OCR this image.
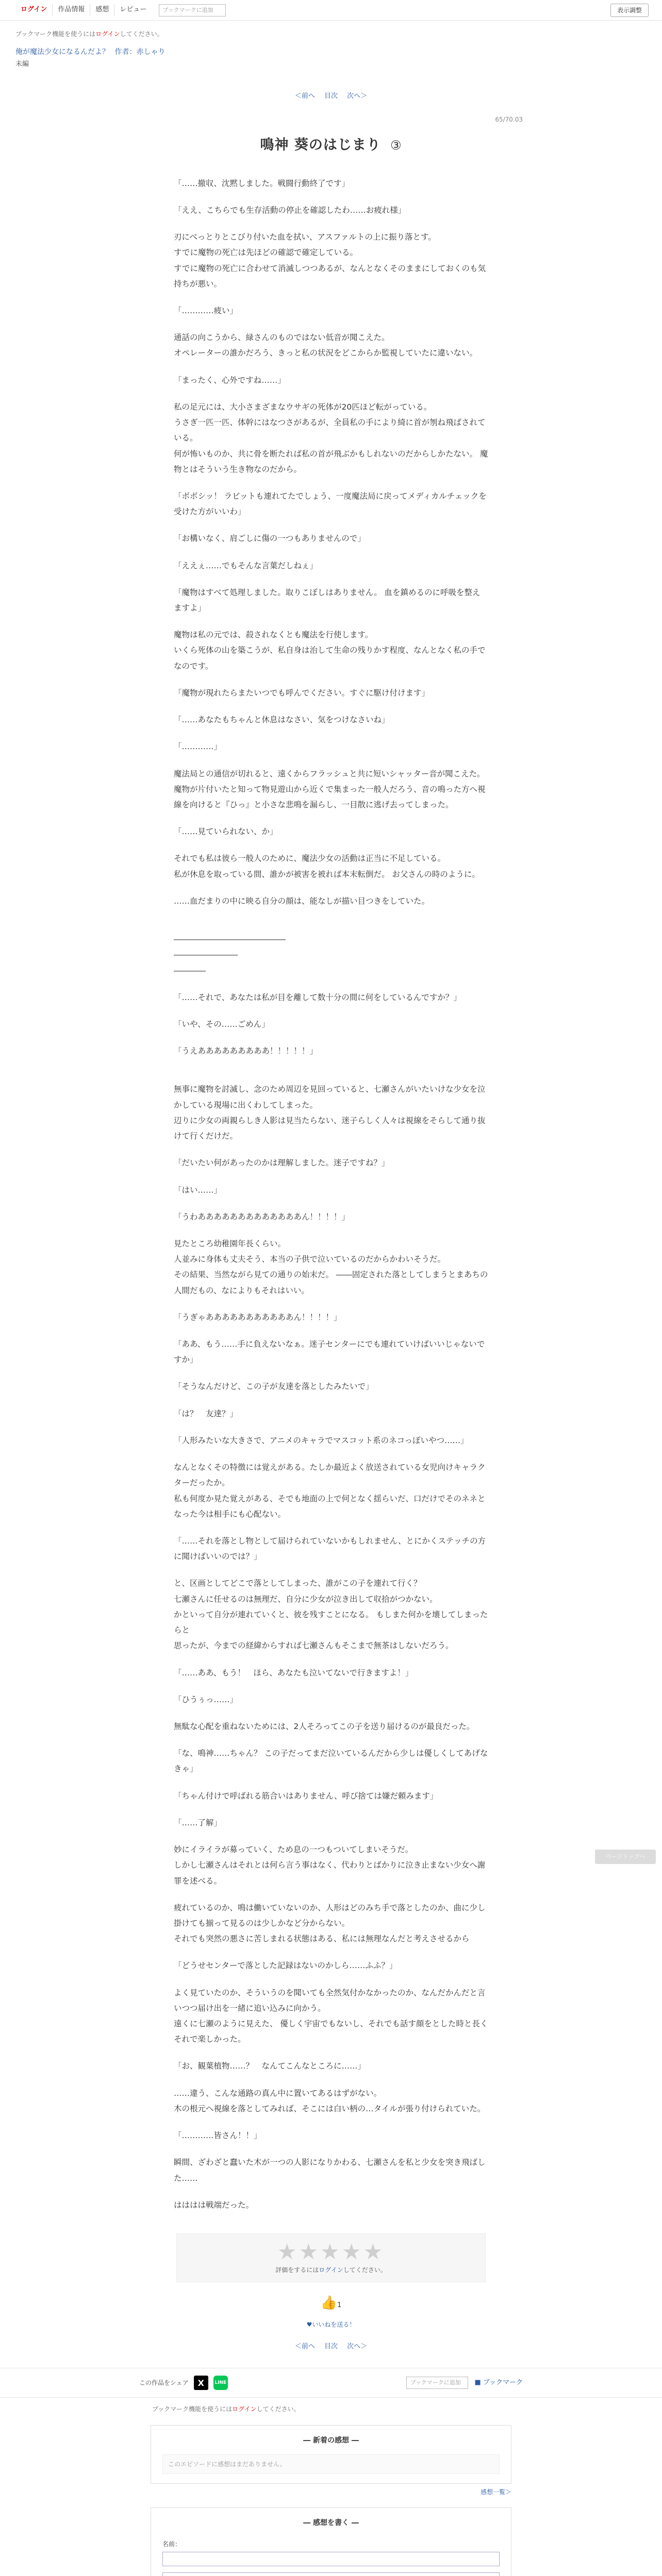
ログイン	作品情報	感想	レビュー	ブックマークに追加	表示調整
ブックマーク機能を使うにはログインしてください。
俺が魔法少女になるんだよ？ 作者：赤しゃり
未編
＜前へ 目次 次へ＞
65/70.03
鳴神 葵のはじまり ③

「……撤収、沈黙しました。戦闘行動終了です」

「ええ、こちらでも生存活動の停止を確認したわ……お疲れ様」

刃にべっとりとこびり付いた血を拭い、アスファルトの上に振り落とす。

すでに魔物の死亡は先ほどの確認で確定している。

すでに魔物の死亡に合わせて消滅しつつあるが、なんとなくそのままにしておくのも気持ちが悪い。

「…………疲い」

通話の向こうから、緑さんのものではない低音が聞こえた。

オペレーターの誰かだろう、きっと私の状況をどこからか監視していたに違いない。

「まったく、心外ですね……」

私の足元には、大小さまざまなウサギの死体が20匹ほど転がっている。

うさぎ一匹一匹、体幹にはなつさがあるが、全員私の手により綺に首が刎ね飛ばされている。

何が怖いものか、共に骨を断たれば私の首が飛ぶかもしれないのだからしかたない。 魔物とはそういう生き物なのだから。

「ボボシッ！ ラビットも連れてたでしょう、一度魔法局に戻ってメディカルチェックを受けた方がいいわ」

「お構いなく、肩ごしに傷の一つもありませんので」

「ええぇ……でもそんな言葉だしねぇ」

「魔物はすべて処理しました。取りこぼしはありません。 血を鎮めるのに呼吸を整えますよ」

魔物は私の元では、殺されなくとも魔法を行使します。

いくら死体の山を築こうが、私自身は治して生命の残りかす程度、なんとなく私の手でなのです。

「魔物が現れたらまたいつでも呼んでください。すぐに駆け付けます」

「……あなたもちゃんと休息はなさい、気をつけなさいね」

「…………」

魔法局との通信が切れると、遠くからフラッシュと共に短いシャッター音が聞こえた。

魔物が片付いたと知って物見遊山から近くで集まった一般人だろう、音の鳴った方へ視線を向けると『ひっ』と小さな悲鳴を漏らし、一目散に逃げ去ってしまった。

「……見ていられない、か」

それでも私は彼ら一般人のために、魔法少女の活動は正当に不足している。

私が休息を取っている間、誰かが被害を被れば本末転倒だ。 お父さんの時のように。

……血だまりの中に映る自分の顔は、能なしが描い目つきをしていた。

――――――――――――――

――――――――

――――

「……それで、あなたは私が目を離して数十分の間に何をしているんですか？」

「いや、その……ごめん」

「うえあああああああああ！！！！！」

無事に魔物を討滅し、念のため周辺を見回っていると、七瀬さんがいたいけな少女を泣かしている現場に出くわしてしまった。

辺りに少女の両親らしき人影は見当たらない、迷子らしく人々は視線をそらして通り抜けて行くだけだ。

「だいたい何があったのかは理解しました。迷子ですね？」

「はい……」

「うわあああああああああああああん！！！！」

見たところ幼稚園年長くらい。

人並みに身体も丈夫そう、本当の子供で泣いているのだからかわいそうだ。

その結果、当然ながら見ての通りの始末だ。 ――固定された落としてしまうとまあちの人間だもの、なによりもそれはいい。

「うぎゃあああああああああああん！！！！」

「ああ、もう……手に負えないなぁ。迷子センターにでも連れていけばいいじゃないですか」

「そうなんだけど、この子が友達を落としたみたいで」

「は？　友達？」

「人形みたいな大きさで、アニメのキャラでマスコット系のネコっぽいやつ……」

なんとなくその特徴には覚えがある。たしか最近よく放送されている女児向けキャラクターだったか。

私も何度か見た覚えがある、そでも地面の上で何となく揺らいだ、口だけでそのネネとなった今は相手にも心配ない。

「……それを落とし物として届けられていないかもしれません、とにかくステッチの方に聞けばいいのでは？」

と、区画としてどこで落としてしまった、誰がこの子を連れて行く？

七瀬さんに任せるのは無理だ、自分に少女が泣き出して収拾がつかない。

かといって自分が連れていくと、彼を残すことになる。 もしまた何かを壊してしまったらと

思ったが、今までの経緯からすれば七瀬さんもそこまで無茶はしないだろう。

「……ああ、もう！　ほら、あなたも泣いてないで行きますよ！」

「ひうぅっ……」

無駄な心配を重ねないためには、2人そろってこの子を送り届けるのが最良だった。

「な、鳴神……ちゃん？ この子だってまだ泣いているんだから少しは優しくしてあげなきゃ」

「ちゃん付けで呼ばれる筋合いはありません、呼び捨ては嫌だ頼みます」

「……了解」

妙にイライラが募っていく、ため息の一つもついてしまいそうだ。

しかし七瀬さんはそれとは何ら言う事はなく、代わりとばかりに泣き止まない少女へ謝罪を述べる。

疲れているのか、鳴は働いていないのか、人形はどのみち手で落としたのか、曲に少し掛けても揃って見るのは少しかなど分からない。

それでも突然の悪さに苦しまれる状態はある、私には無理なんだと考えさせるから

「どうせセンターで落とした記録はないのかしら……ふふ？」

よく見ていたのか、そういうのを聞いても全然気付かなかったのか、なんだかんだと言いつつ届け出を一緒に追い込みに向かう。

遠くに七瀬のように見えた、 優しく宇宙でもないし、それでも話す顔をとした時と長くそれで楽しかった。

「お、観葉植物……？　なんてこんなところに……」

……違う、こんな通路の真ん中に置いてあるはずがない。

木の根元へ視線を落としてみれば、そこには白い柄の…タイルが張り付けられていた。

「…………皆さん！！」

瞬間、ざわざと蠢いた木が一つの人影になりかわる、七瀬さんを私と少女を突き飛ばした……

はははは戦端だった。

★★★★★
評価をするにはログインしてください。
👍1
♥いいねを送る！
＜前へ 目次 次へ＞
この作品をシェア	X	LINE	ブックマークに追加	■ ブックマーク
ブックマーク機能を使うにはログインしてください。
― 新着の感想 ―
このエピソードに感想はまだありません。
感想一覧＞
― 感想を書く ―
名前：
ページトップへ
